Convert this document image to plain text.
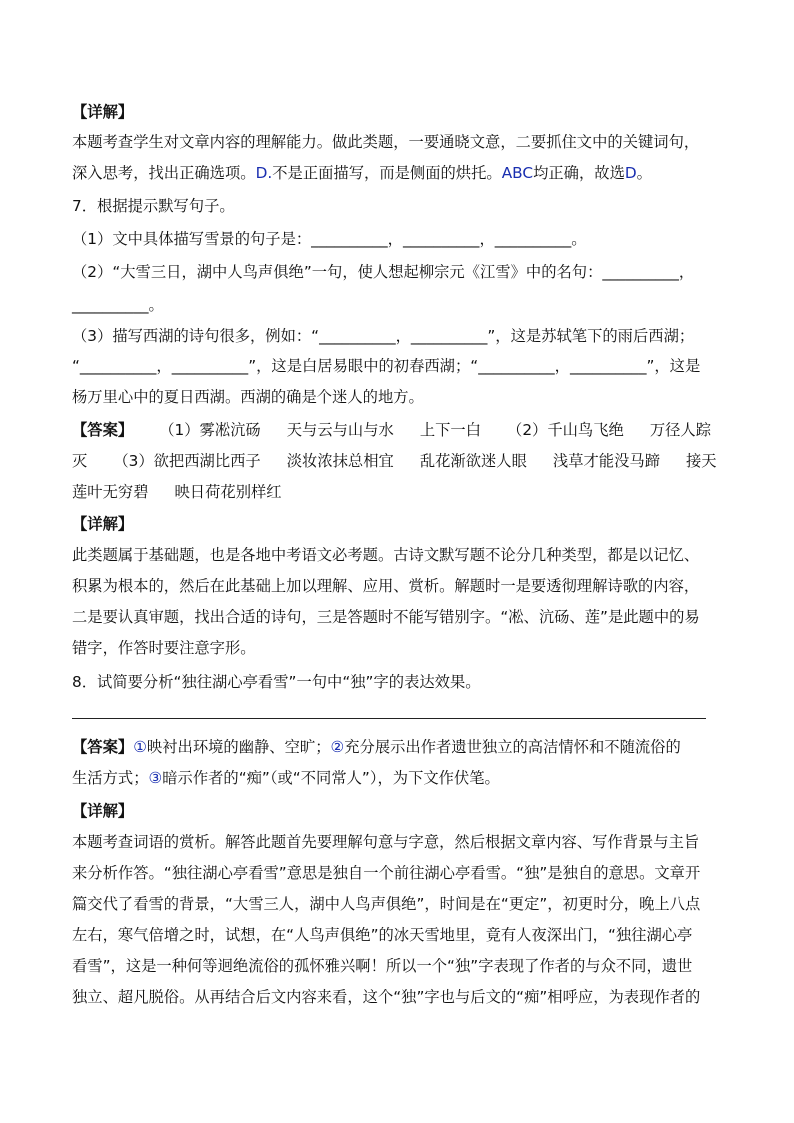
【详解】
本题考查学生对文章内容的理解能力。做此类题，一要通晓文意，二要抓住文中的关键词句，
深入思考，找出正确选项。D.不是正面描写，而是侧面的烘托。ABC均正确，故选D。
7．根据提示默写句子。
（1）文中具体描写雪景的句子是：__________，__________，__________。
（2）“大雪三日，湖中人鸟声俱绝”一句，使人想起柳宗元《江雪》中的名句：__________，
__________。
（3）描写西湖的诗句很多，例如：“__________，__________”，这是苏轼笔下的雨后西湖；
“__________，__________”，这是白居易眼中的初春西湖；“__________，__________”，这是
杨万里心中的夏日西湖。西湖的确是个迷人的地方。
【答案】 （1）雾凇沆砀 天与云与山与水 上下一白 （2）千山鸟飞绝 万径人踪
灭 （3）欲把西湖比西子 淡妆浓抹总相宜 乱花渐欲迷人眼 浅草才能没马蹄 接天
莲叶无穷碧 映日荷花别样红
【详解】
此类题属于基础题，也是各地中考语文必考题。古诗文默写题不论分几种类型，都是以记忆、
积累为根本的，然后在此基础上加以理解、应用、赏析。解题时一是要透彻理解诗歌的内容，
二是要认真审题，找出合适的诗句，三是答题时不能写错别字。“凇、沆砀、莲”是此题中的易
错字，作答时要注意字形。
8．试简要分析“独往湖心亭看雪”一句中“独”字的表达效果。
【答案】①映衬出环境的幽静、空旷；②充分展示出作者遗世独立的高洁情怀和不随流俗的
生活方式；③暗示作者的“痴”（或“不同常人”），为下文作伏笔。
【详解】
本题考查词语的赏析。解答此题首先要理解句意与字意，然后根据文章内容、写作背景与主旨
来分析作答。“独往湖心亭看雪”意思是独自一个前往湖心亭看雪。“独”是独自的意思。文章开
篇交代了看雪的背景，“大雪三人，湖中人鸟声俱绝”，时间是在“更定”，初更时分，晚上八点
左右，寒气倍增之时，试想，在“人鸟声俱绝”的冰天雪地里，竟有人夜深出门，“独往湖心亭
看雪”，这是一种何等迥绝流俗的孤怀雅兴啊！所以一个“独”字表现了作者的与众不同，遗世
独立、超凡脱俗。从再结合后文内容来看，这个“独”字也与后文的“痴”相呼应，为表现作者的
